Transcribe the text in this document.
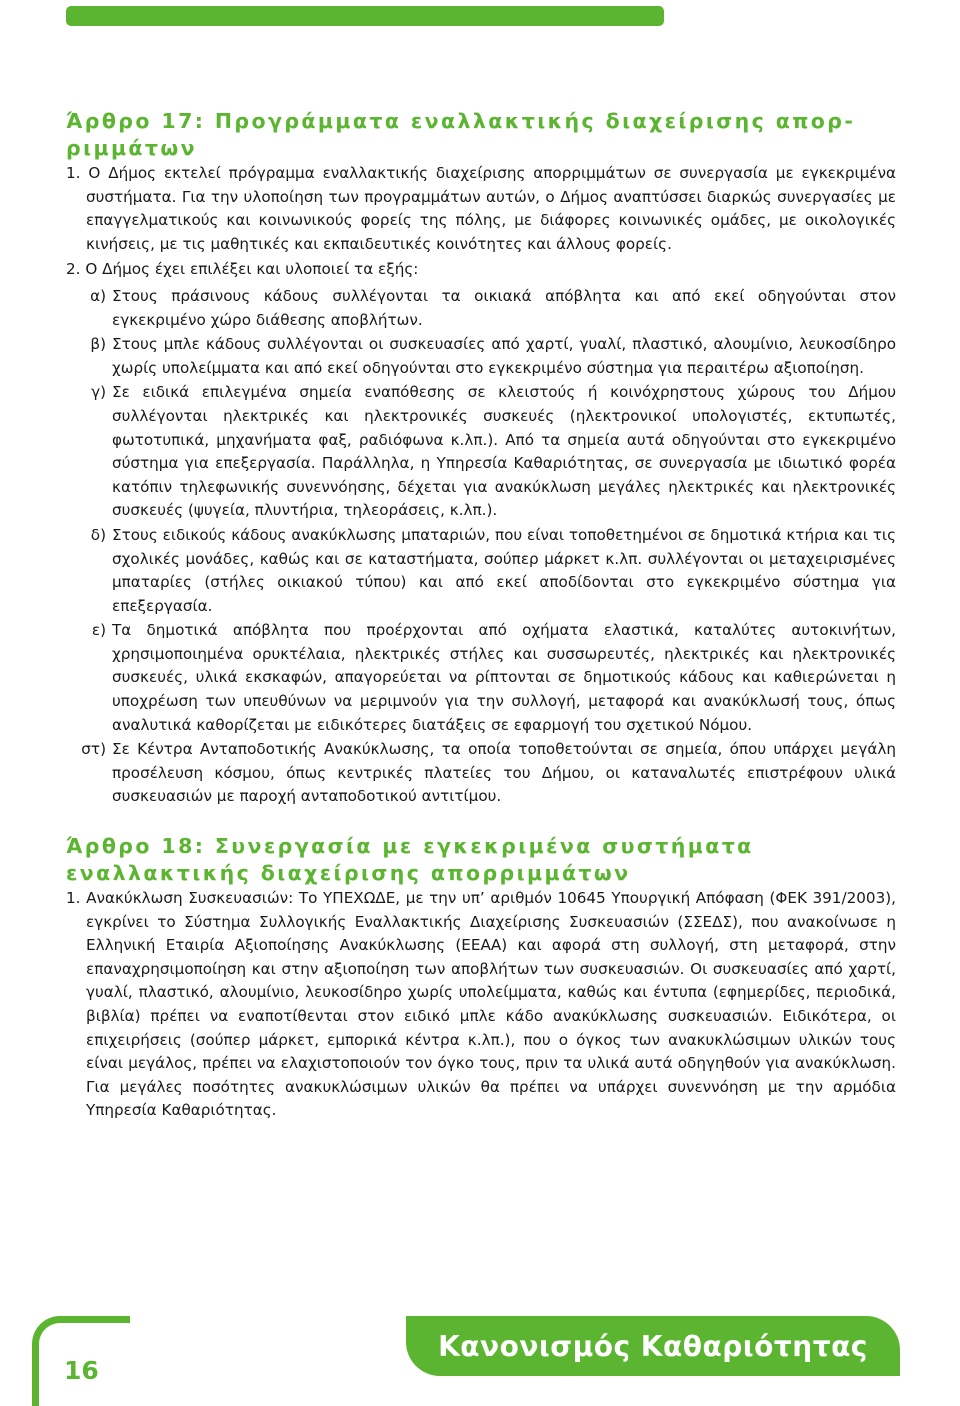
Άρθρο 17: Προγράμματα εναλλακτικής διαχείρισης απορ-ριμμάτων

1. Ο Δήμος εκτελεί πρόγραμμα εναλλακτικής διαχείρισης απορριμμάτων σε συνεργασία με εγκεκριμένα συστήματα. Για την υλοποίηση των προγραμμάτων αυτών, ο Δήμος αναπτύσσει διαρκώς συνεργασίες με επαγγελματικούς και κοινωνικούς φορείς της πόλης, με διάφορες κοινωνικές ομάδες, με οικολογικές κινήσεις, με τις μαθητικές και εκπαιδευτικές κοινότητες και άλλους φορείς.

2. Ο Δήμος έχει επιλέξει και υλοποιεί τα εξής:

α) Στους πράσινους κάδους συλλέγονται τα οικιακά απόβλητα και από εκεί οδηγούνται στον εγκεκριμένο χώρο διάθεσης αποβλήτων.
β) Στους μπλε κάδους συλλέγονται οι συσκευασίες από χαρτί, γυαλί, πλαστικό, αλουμίνιο, λευκοσίδηρο χωρίς υπολείμματα και από εκεί οδηγούνται στο εγκεκριμένο σύστημα για περαιτέρω αξιοποίηση.
γ) Σε ειδικά επιλεγμένα σημεία εναπόθεσης σε κλειστούς ή κοινόχρηστους χώρους του Δήμου συλλέγονται ηλεκτρικές και ηλεκτρονικές συσκευές (ηλεκτρονικοί υπολογιστές, εκτυπωτές, φωτοτυπικά, μηχανήματα φαξ, ραδιόφωνα κ.λπ.). Από τα σημεία αυτά οδηγούνται στο εγκεκριμένο σύστημα για επεξεργασία. Παράλληλα, η Υπηρεσία Καθαριότητας, σε συνεργασία με ιδιωτικό φορέα κατόπιν τηλεφωνικής συνεννόησης, δέχεται για ανακύκλωση μεγάλες ηλεκτρικές και ηλεκτρονικές συσκευές (ψυγεία, πλυντήρια, τηλεοράσεις, κ.λπ.).
δ) Στους ειδικούς κάδους ανακύκλωσης μπαταριών, που είναι τοποθετημένοι σε δημοτικά κτήρια και τις σχολικές μονάδες, καθώς και σε καταστήματα, σούπερ μάρκετ κ.λπ. συλλέγονται οι μεταχειρισμένες μπαταρίες (στήλες οικιακού τύπου) και από εκεί αποδίδονται στο εγκεκριμένο σύστημα για επεξεργασία.
ε) Τα δημοτικά απόβλητα που προέρχονται από οχήματα ελαστικά, καταλύτες αυτοκινήτων, χρησιμοποιημένα ορυκτέλαια, ηλεκτρικές στήλες και συσσωρευτές, ηλεκτρικές και ηλεκτρονικές συσκευές, υλικά εκσκαφών, απαγορεύεται να ρίπτονται σε δημοτικούς κάδους και καθιερώνεται η υποχρέωση των υπευθύνων να μεριμνούν για την συλλογή, μεταφορά και ανακύκλωσή τους, όπως αναλυτικά καθορίζεται με ειδικότερες διατάξεις σε εφαρμογή του σχετικού Νόμου.
στ) Σε Κέντρα Ανταποδοτικής Ανακύκλωσης, τα οποία τοποθετούνται σε σημεία, όπου υπάρχει μεγάλη προσέλευση κόσμου, όπως κεντρικές πλατείες του Δήμου, οι καταναλωτές επιστρέφουν υλικά συσκευασιών με παροχή ανταποδοτικού αντιτίμου.
Άρθρο 18: Συνεργασία με εγκεκριμένα συστήματα εναλλακτικής διαχείρισης απορριμμάτων

1. Ανακύκλωση Συσκευασιών: Το ΥΠΕΧΩΔΕ, με την υπ’ αριθμόν 10645 Υπουργική Απόφαση (ΦΕΚ 391/2003), εγκρίνει το Σύστημα Συλλογικής Εναλλακτικής Διαχείρισης Συσκευασιών (ΣΣΕΔΣ), που ανακοίνωσε η Ελληνική Εταιρία Αξιοποίησης Ανακύκλωσης (ΕΕΑΑ) και αφορά στη συλλογή, στη μεταφορά, στην επαναχρησιμοποίηση και στην αξιοποίηση των αποβλήτων των συσκευασιών. Οι συσκευασίες από χαρτί, γυαλί, πλαστικό, αλουμίνιο, λευκοσίδηρο χωρίς υπολείμματα, καθώς και έντυπα (εφημερίδες, περιοδικά, βιβλία) πρέπει να εναποτίθενται στον ειδικό μπλε κάδο ανακύκλωσης συσκευασιών. Ειδικότερα, οι επιχειρήσεις (σούπερ μάρκετ, εμπορικά κέντρα κ.λπ.), που ο όγκος των ανακυκλώσιμων υλικών τους είναι μεγάλος, πρέπει να ελαχιστοποιούν τον όγκο τους, πριν τα υλικά αυτά οδηγηθούν για ανακύκλωση. Για μεγάλες ποσότητες ανακυκλώσιμων υλικών θα πρέπει να υπάρχει συνεννόηση με την αρμόδια Υπηρεσία Καθαριότητας.

16
Κανονισμός Καθαριότητας
